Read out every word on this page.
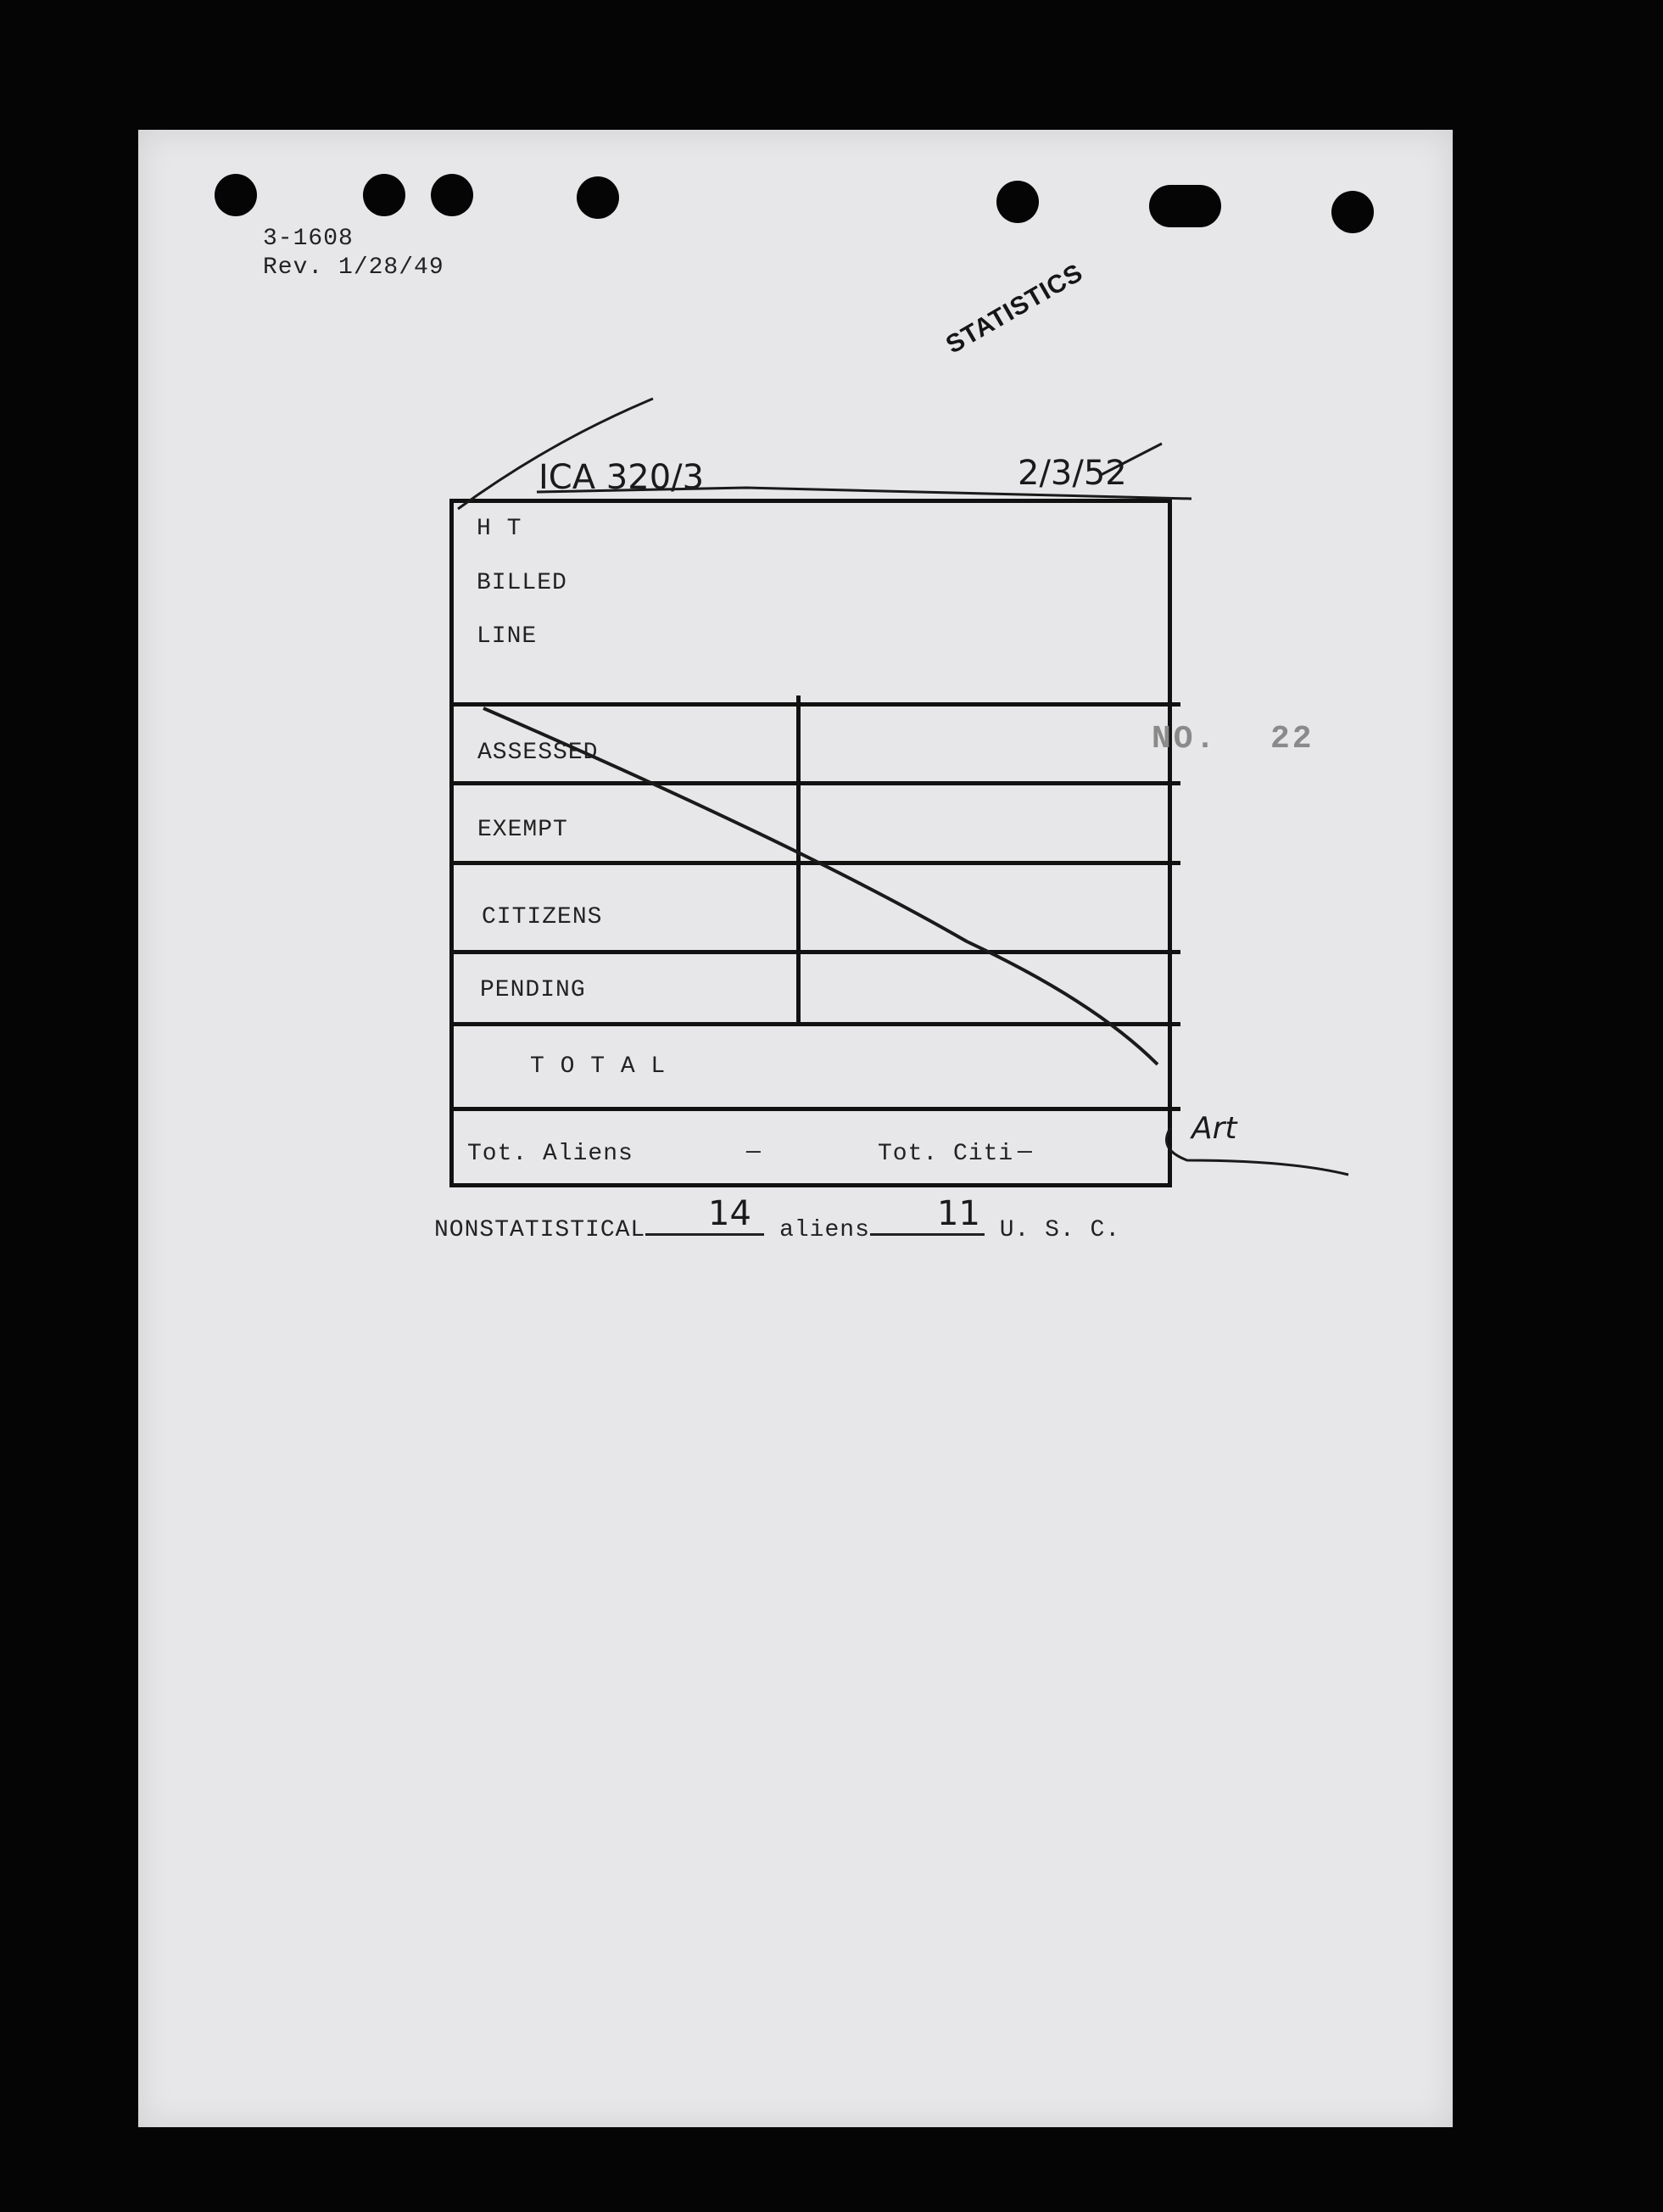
3-1608
Rev. 1/28/49	STATISTICS
ICA 320/3	2/3/52
H T
BILLED
LINE
ASSESSED
EXEMPT
CITIZENS
PENDING
T O T A L
Tot. Aliens	—	Tot. Citi —
NO. 22
Art
NONSTATISTICAL	aliens	U. S. C.
14	11
